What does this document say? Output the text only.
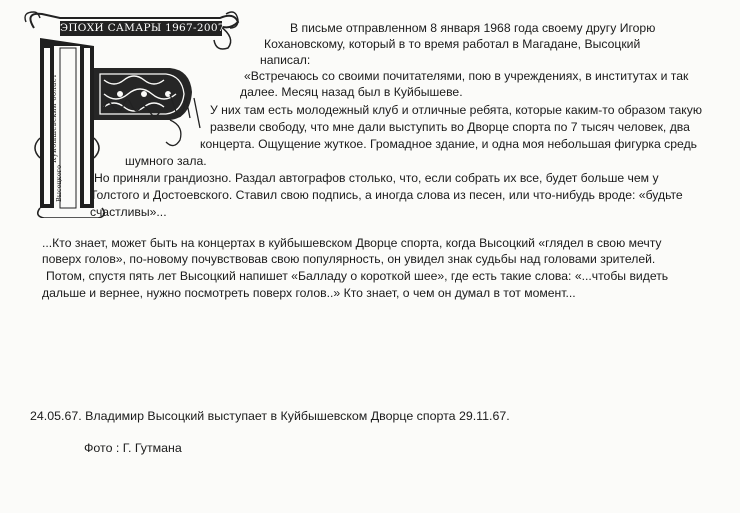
ЭПОХИ САМАРЫ 1967-2007
Куйбышевский облает
Высоцкого

В письме отправленном 8 января 1968 года своему другу Игорю

Кохановскому, который в то время работал в Магадане, Высоцкий

написал:

«Встречаюсь со своими почитателями, пою в учреждениях, в институтах и так

далее. Месяц назад был в Куйбышеве.

У них там есть молодежный клуб и отличные ребята, которые каким-то образом такую

развели свободу, что мне дали выступить во Дворце спорта по 7 тысяч человек, два

концерта. Ощущение жуткое. Громадное здание, и одна моя небольшая фигурка средь

шумного зала.

Но приняли грандиозно. Раздал автографов столько, что, если собрать их все, будет больше чем у

Толстого и Достоевского. Ставил свою подпись, а иногда слова из песен, или что-нибудь вроде: «будьте

счастливы»...

...Кто знает, может быть на концертах в куйбышевском Дворце спорта, когда Высоцкий «глядел в свою мечту

поверх голов», по-новому почувствовав свою популярность, он увидел знак судьбы над головами зрителей.

Потом, спустя пять лет Высоцкий напишет «Балладу о короткой шее», где есть такие слова: «...чтобы видеть

дальше и вернее, нужно посмотреть поверх голов..» Кто знает, о чем он думал в тот момент...

24.05.67. Владимир Высоцкий выступает в Куйбышевском Дворце спорта 29.11.67.

Фото : Г. Гутмана
